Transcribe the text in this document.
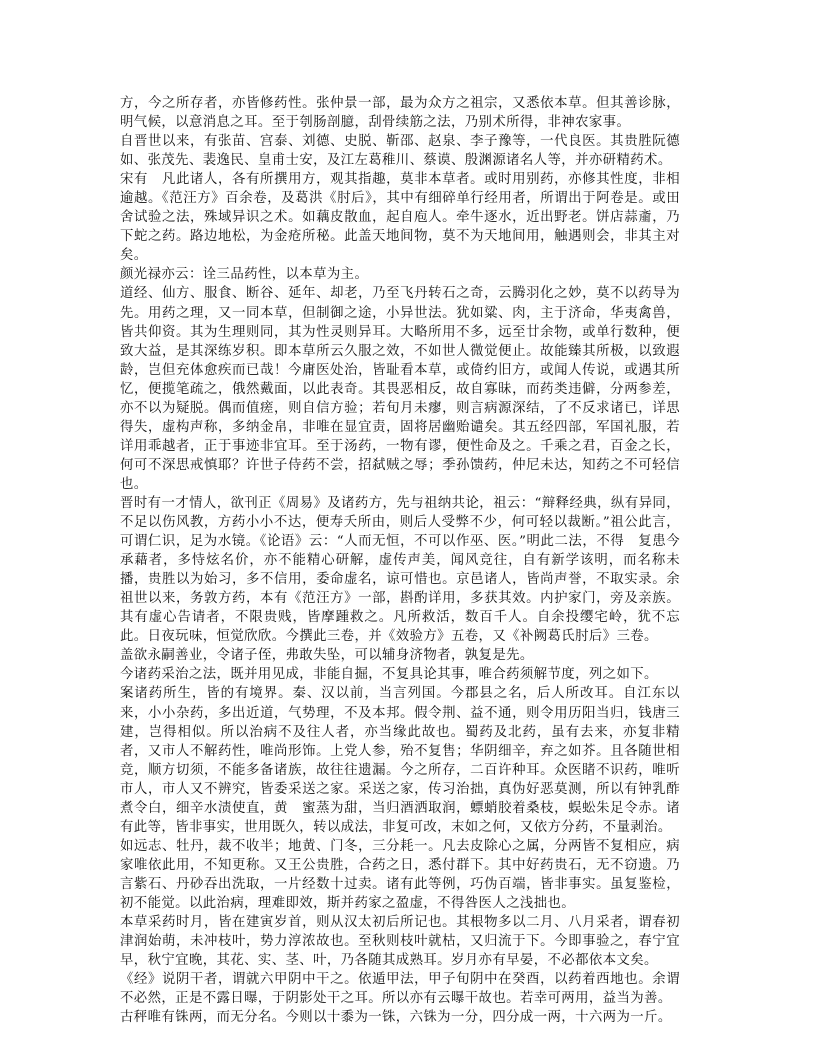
方，今之所存者，亦皆修药性。张仲景一部，最为众方之祖宗，又悉依本草。但其善诊脉，明气候，以意消息之耳。至于刳肠剖臆，刮骨续筋之法，乃别术所得，非神农家事。

自晋世以来，有张苗、宫泰、刘德、史脱、靳邵、赵泉、李子豫等，一代良医。其贵胜阮德如、张茂先、裴逸民、皇甫士安，及江左葛稚川、蔡谟、殷渊源诸名人等，并亦研精药术。

宋有　凡此诸人，各有所撰用方，观其指趣，莫非本草者。或时用别药，亦修其性度，非相逾越。《范汪方》百余卷，及葛洪《肘后》，其中有细碎单行经用者，所谓出于阿卷是。或田舍试验之法，殊域异识之术。如藕皮散血，起自庖人。牵牛逐水，近出野老。饼店蒜齑，乃下蛇之药。路边地松，为金疮所秘。此盖天地间物，莫不为天地间用，触遇则会，非其主对矣。

颜光禄亦云：诠三品药性，以本草为主。

道经、仙方、服食、断谷、延年、却老，乃至飞丹转石之奇，云腾羽化之妙，莫不以药导为先。用药之理，又一同本草，但制御之途，小异世法。犹如粱、肉，主于济命，华夷禽兽，皆共仰资。其为生理则同，其为性灵则异耳。大略所用不多，远至廿余物，或单行数种，便致大益，是其深练岁积。即本草所云久服之效，不如世人微觉便止。故能臻其所极，以致遐龄，岂但充体愈疾而已哉！今庸医处治，皆耻看本草，或倚约旧方，或闻人传说，或遇其所忆，便揽笔疏之，俄然戴面，以此表奇。其畏恶相反，故自寡昧，而药类违僻，分两参差，亦不以为疑脱。偶而值瘥，则自信方验；若旬月未瘳，则言病源深结，了不反求诸已，详思得失，虚构声称，多纳金帛，非唯在显宜责，固将居幽贻谴矣。其五经四部，军国礼服，若详用乖越者，正于事迹非宜耳。至于汤药，一物有谬，便性命及之。千乘之君，百金之长，何可不深思戒慎耶？许世子侍药不尝，招弑贼之辱；季孙馈药，仲尼未达，知药之不可轻信也。

晋时有一才情人，欲刊正《周易》及诸药方，先与祖纳共论，祖云：“辩释经典，纵有异同，不足以伤风教，方药小小不达，便寿夭所由，则后人受弊不少，何可轻以裁断。”祖公此言，可谓仁识，足为水镜。《论语》云：“人而无恒，不可以作巫、医。”明此二法，不得　复患今承藉者，多恃炫名价，亦不能精心研解，虚传声美，闻风竞往，自有新学该明，而名称未播，贵胜以为始习，多不信用，委命虚名，谅可惜也。京邑诸人，皆尚声誉，不取实录。余祖世以来，务敦方药，本有《范汪方》一部，斟酌详用，多获其效。内护家门，旁及亲族。其有虚心告请者，不限贵贱，皆摩踵救之。凡所救活，数百千人。自余投缨宅岭，犹不忘此。日夜玩味，恒觉欣欣。今撰此三卷，并《效验方》五卷，又《补阙葛氏肘后》三卷。

盖欲永嗣善业，令诸子侄，弗敢失坠，可以辅身济物者，孰复是先。

今诸药采治之法，既并用见成，非能自掘，不复具论其事，唯合药须解节度，列之如下。

案诸药所生，皆的有境界。秦、汉以前，当言列国。今郡县之名，后人所改耳。自江东以来，小小杂药，多出近道，气势理，不及本邦。假令荆、益不通，则令用历阳当归，钱唐三建，岂得相似。所以治病不及往人者，亦当缘此故也。蜀药及北药，虽有去来，亦复非精者，又市人不解药性，唯尚形饰。上党人参，殆不复售；华阴细辛，弃之如芥。且各随世相竞，顺方切须，不能多备诸族，故往往遗漏。今之所存，二百许种耳。众医睹不识药，唯听市人，市人又不辨究，皆委采送之家。采送之家，传习治拙，真伪好恶莫测，所以有钟乳酢煮令白，细辛水渍使直，黄　蜜蒸为甜，当归酒洒取润，螵蛸胶着桑枝，蜈蚣朱足令赤。诸有此等，皆非事实，世用既久，转以成法，非复可改，末如之何，又依方分药，不量剥治。

如远志、牡丹，裁不收半；地黄、门冬，三分耗一。凡去皮除心之属，分两皆不复相应，病家唯依此用，不知更称。又王公贵胜，合药之日，悉付群下。其中好药贵石，无不窃遗。乃言紫石、丹砂吞出洗取，一片经数十过卖。诸有此等例，巧伪百端，皆非事实。虽复鉴检，初不能觉。以此治病，理难即效，斯并药家之盈虚，不得咎医人之浅拙也。

本草采药时月，皆在建寅岁首，则从汉太初后所记也。其根物多以二月、八月采者，谓春初津润始萌，未冲枝叶，势力淳浓故也。至秋则枝叶就枯，又归流于下。今即事验之，春宁宜早，秋宁宜晚，其花、实、茎、叶，乃各随其成熟耳。岁月亦有早晏，不必都依本文矣。

《经》说阴干者，谓就六甲阴中干之。依遁甲法，甲子旬阴中在癸酉，以药着西地也。余谓不必然，正是不露日曝，于阴影处干之耳。所以亦有云曝干故也。若幸可两用，益当为善。

古秤唯有铢两，而无分名。今则以十黍为一铢，六铢为一分，四分成一两，十六两为一斤。
